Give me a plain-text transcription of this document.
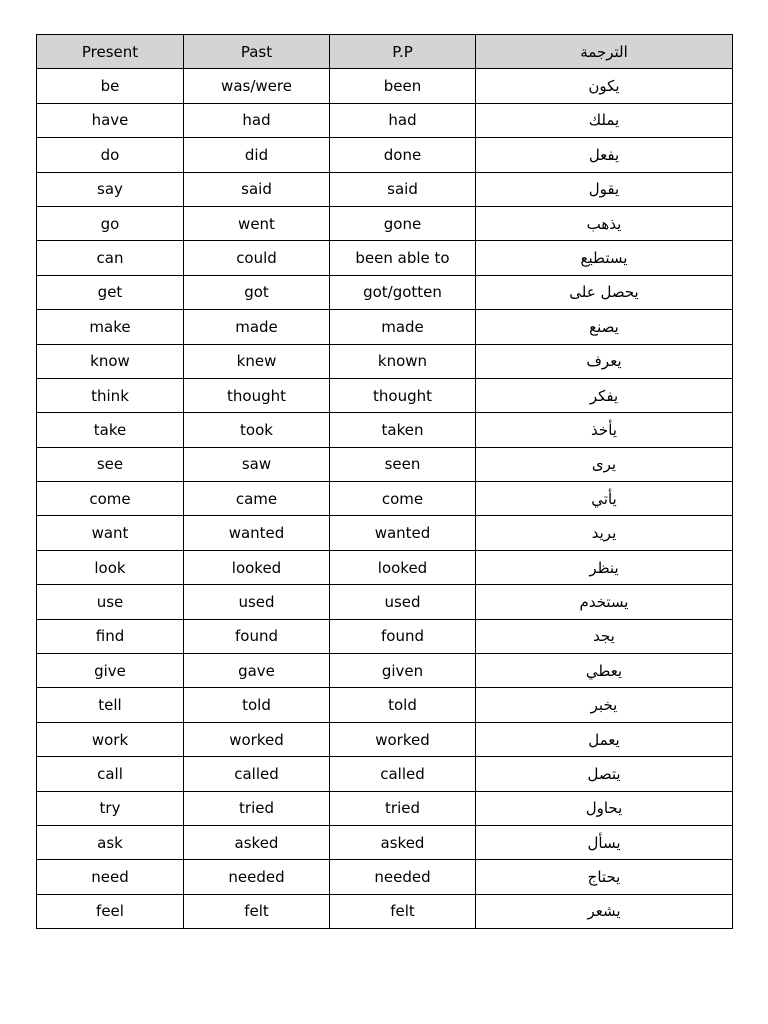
Present	Past	P.P	الترجمة
be	was/were	been	يكون
have	had	had	يملك
do	did	done	يفعل
say	said	said	يقول
go	went	gone	يذهب
can	could	been able to	يستطيع
get	got	got/gotten	يحصل على
make	made	made	يصنع
know	knew	known	يعرف
think	thought	thought	يفكر
take	took	taken	يأخذ
see	saw	seen	يرى
come	came	come	يأتي
want	wanted	wanted	يريد
look	looked	looked	ينظر
use	used	used	يستخدم
find	found	found	يجد
give	gave	given	يعطي
tell	told	told	يخبر
work	worked	worked	يعمل
call	called	called	يتصل
try	tried	tried	يحاول
ask	asked	asked	يسأل
need	needed	needed	يحتاج
feel	felt	felt	يشعر
